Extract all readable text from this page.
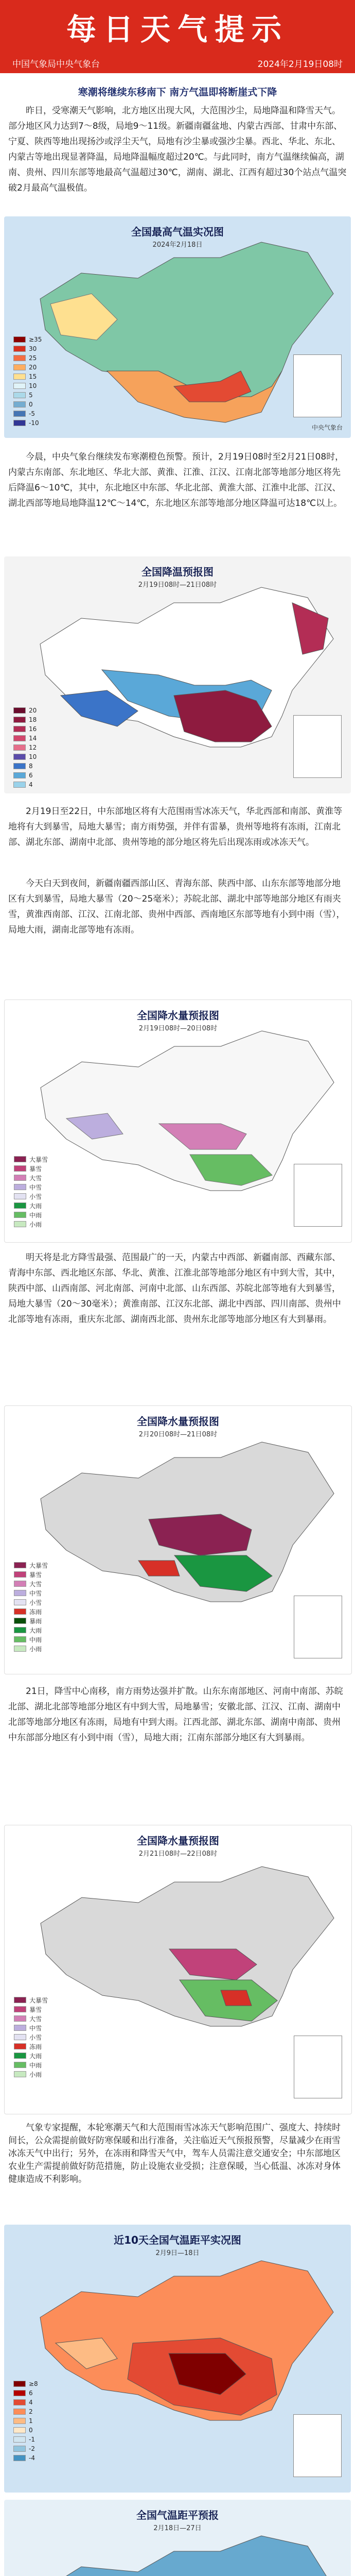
每日天气提示
中国气象局中央气象台	2024年2月19日08时
寒潮将继续东移南下 南方气温即将断崖式下降
昨日，受寒潮天气影响，北方地区出现大风，大范围沙尘，局地降温和降雪天气。部分地区风力达到7～8级，局地9～11级。新疆南疆盆地、内蒙古西部、甘肃中东部、宁夏、陕西等地出现扬沙或浮尘天气，局地有沙尘暴或强沙尘暴。西北、华北、东北、内蒙古等地出现显著降温，局地降温幅度超过20℃。与此同时，南方气温继续偏高，湖南、贵州、四川东部等地最高气温超过30℃，湖南、湖北、江西有超过30个站点气温突破2月最高气温极值。
全国最高气温实况图
2024年2月18日
≥35
30
25
20
15
10
5
0
-5
-10
中央气象台
今晨，中央气象台继续发布寒潮橙色预警。预计，2月19日08时至2月21日08时，内蒙古东南部、东北地区、华北大部、黄淮、江淮、江汉、江南北部等地部分地区将先后降温6～10℃，其中，东北地区中东部、华北北部、黄淮大部、江淮中北部、江汉、湖北西部等地局地降温12℃～14℃，东北地区东部等地部分地区降温可达18℃以上。
全国降温预报图
2月19日08时—21日08时
20
18
16
14
12
10
8
6
4
2月19日至22日，中东部地区将有大范围雨雪冰冻天气，华北西部和南部、黄淮等地将有大到暴雪，局地大暴雪；南方雨势强，并伴有雷暴，贵州等地将有冻雨，江南北部、湖北东部、湖南中北部、贵州等地的部分地区将先后出现冻雨或冰冻天气。
今天白天到夜间，新疆南疆西部山区、青海东部、陕西中部、山东东部等地部分地区有大到暴雪，局地大暴雪（20～25毫米）；苏皖北部、湖北中部等地部分地区有雨夹雪，黄淮西南部、江汉、江南北部、贵州中西部、西南地区东部等地有小到中雨（雪），局地大雨，湖南北部等地有冻雨。
全国降水量预报图
2月19日08时—20日08时
大暴雪
暴雪
大雪
中雪
小雪
大雨
中雨
小雨
明天将是北方降雪最强、范围最广的一天，内蒙古中西部、新疆南部、西藏东部、青海中东部、西北地区东部、华北、黄淮、江淮北部等地部分地区有中到大雪，其中，陕西中部、山西南部、河北南部、河南中北部、山东西部、苏皖北部等地有大到暴雪，局地大暴雪（20～30毫米）；黄淮南部、江汉东北部、湖北中西部、四川南部、贵州中北部等地有冻雨，重庆东北部、湖南西北部、贵州东北部等地部分地区有大到暴雨。
全国降水量预报图
2月20日08时—21日08时
大暴雪
暴雪
大雪
中雪
小雪
冻雨
暴雨
大雨
中雨
小雨
21日，降雪中心南移，南方雨势达强并扩散。山东东南部地区、河南中南部、苏皖北部、湖北北部等地部分地区有中到大雪，局地暴雪；安徽北部、江汉、江南、湖南中北部等地部分地区有冻雨，局地有中到大雨。江西北部、湖北东部、湖南中南部、贵州中东部部分地区有小到中雨（雪），局地大雨；江南东部部分地区有大到暴雨。
全国降水量预报图
2月21日08时—22日08时
大暴雪
暴雪
大雪
中雪
小雪
冻雨
大雨
中雨
小雨
气象专家提醒，本轮寒潮天气和大范围雨雪冰冻天气影响范围广、强度大、持续时间长，公众需提前做好防寒保暖和出行准备，关注临近天气预报预警，尽量减少在雨雪冰冻天气中出行；另外，在冻雨和降雪天气中，驾车人员需注意交通安全；中东部地区农业生产需提前做好防范措施，防止设施农业受损；注意保暖，当心低温、冰冻对身体健康造成不利影响。
近10天全国气温距平实况图
2月9日—18日
≥8
6
4
2
1
0
-1
-2
-4
全国气温距平预报
2月18日—27日
